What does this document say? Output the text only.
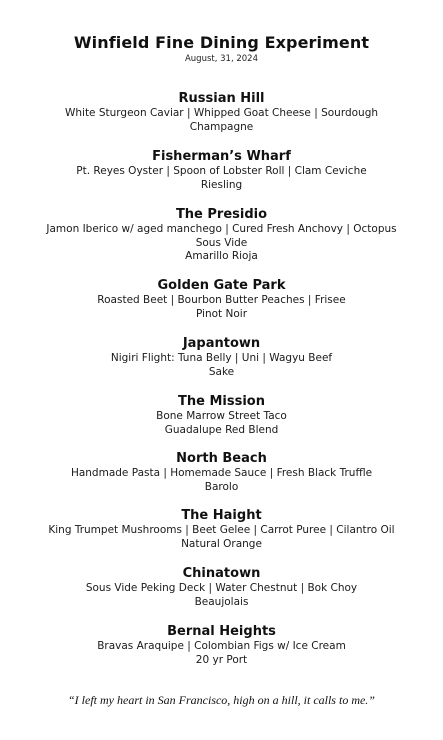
Winfield Fine Dining Experiment
August, 31, 2024
Russian Hill
White Sturgeon Caviar | Whipped Goat Cheese | Sourdough
Champagne
Fisherman’s Wharf
Pt. Reyes Oyster | Spoon of Lobster Roll | Clam Ceviche
Riesling
The Presidio
Jamon Iberico w/ aged manchego | Cured Fresh Anchovy | Octopus
Sous Vide
Amarillo Rioja
Golden Gate Park
Roasted Beet | Bourbon Butter Peaches | Frisee
Pinot Noir
Japantown
Nigiri Flight: Tuna Belly | Uni | Wagyu Beef
Sake
The Mission
Bone Marrow Street Taco
Guadalupe Red Blend
North Beach
Handmade Pasta | Homemade Sauce | Fresh Black Truffle
Barolo
The Haight
King Trumpet Mushrooms | Beet Gelee | Carrot Puree | Cilantro Oil
Natural Orange
Chinatown
Sous Vide Peking Deck | Water Chestnut | Bok Choy
Beaujolais
Bernal Heights
Bravas Araquipe | Colombian Figs w/ Ice Cream
20 yr Port
“I left my heart in San Francisco, high on a hill, it calls to me.”
